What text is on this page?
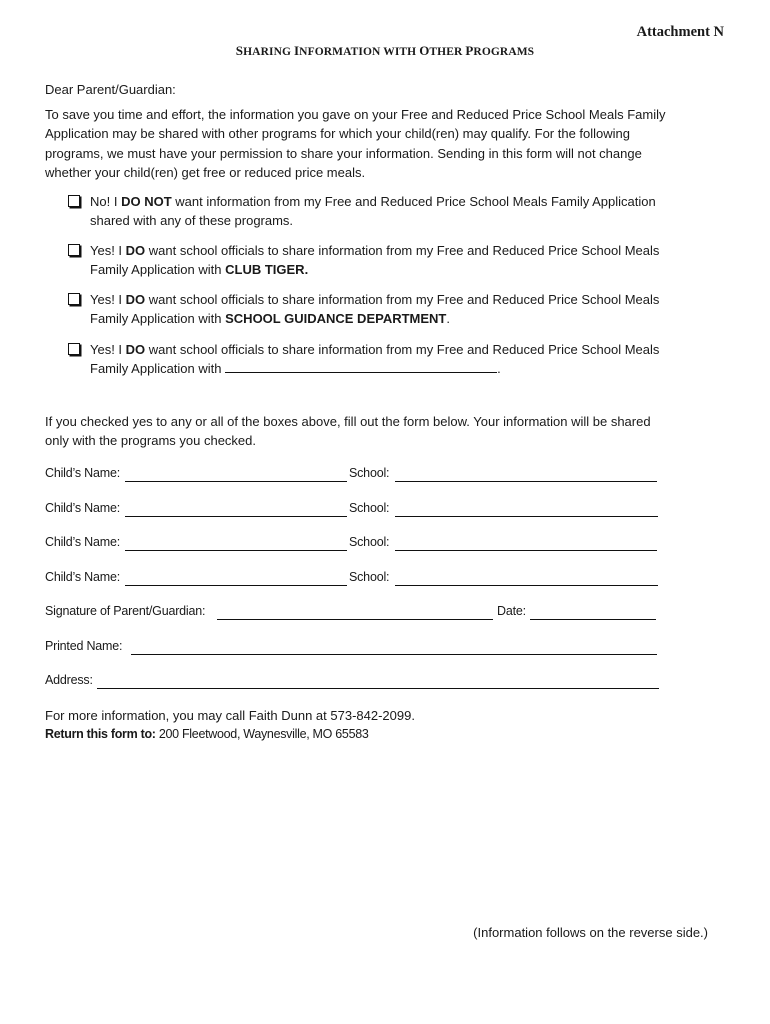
Attachment N
SHARING INFORMATION WITH OTHER PROGRAMS
Dear Parent/Guardian:
To save you time and effort, the information you gave on your Free and Reduced Price School Meals Family
Application may be shared with other programs for which your child(ren) may qualify. For the following
programs, we must have your permission to share your information. Sending in this form will not change
whether your child(ren) get free or reduced price meals.
No! I DO NOT want information from my Free and Reduced Price School Meals Family Application
shared with any of these programs.
Yes! I DO want school officials to share information from my Free and Reduced Price School Meals
Family Application with CLUB TIGER.
Yes! I DO want school officials to share information from my Free and Reduced Price School Meals
Family Application with SCHOOL GUIDANCE DEPARTMENT.
Yes! I DO want school officials to share information from my Free and Reduced Price School Meals
Family Application with	.
If you checked yes to any or all of the boxes above, fill out the form below. Your information will be shared
only with the programs you checked.
Child’s Name:	School:
Child’s Name:	School:
Child’s Name:	School:
Child’s Name:	School:
Signature of Parent/Guardian:	Date:
Printed Name:
Address:
For more information, you may call Faith Dunn at 573-842-2099.
Return this form to: 200 Fleetwood, Waynesville, MO 65583
(Information follows on the reverse side.)
